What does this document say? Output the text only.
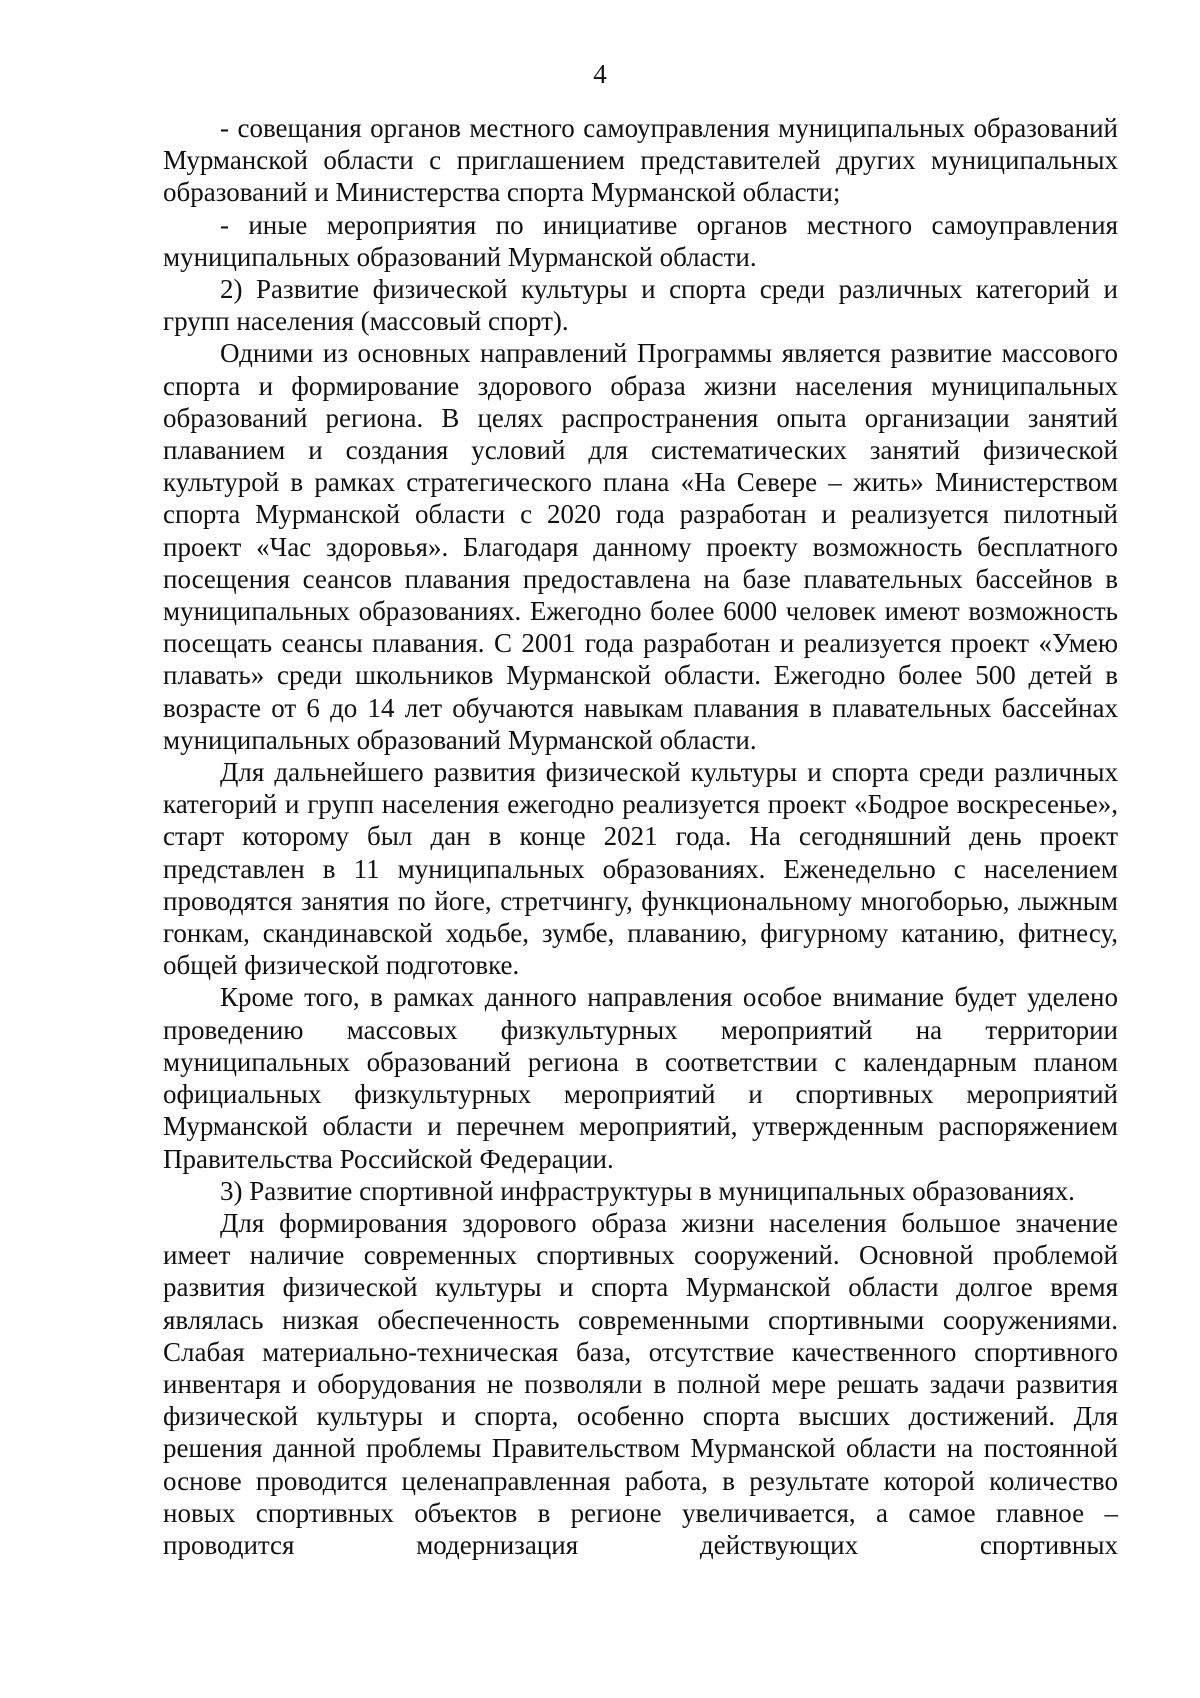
4

- совещания органов местного самоуправления муниципальных образований Мурманской области с приглашением представителей других муниципальных образований и Министерства спорта Мурманской области;

- иные мероприятия по инициативе органов местного самоуправления муниципальных образований Мурманской области.

2) Развитие физической культуры и спорта среди различных категорий и групп населения (массовый спорт).

Одними из основных направлений Программы является развитие массового спорта и формирование здорового образа жизни населения муниципальных образований региона. В целях распространения опыта организации занятий плаванием и создания условий для систематических занятий физической культурой в рамках стратегического плана «На Севере – жить» Министерством спорта Мурманской области с 2020 года разработан и реализуется пилотный проект «Час здоровья». Благодаря данному проекту возможность бесплатного посещения сеансов плавания предоставлена на базе плавательных бассейнов в муниципальных образованиях. Ежегодно более 6000 человек имеют возможность посещать сеансы плавания. С 2001 года разработан и реализуется проект «Умею плавать» среди школьников Мурманской области. Ежегодно более 500 детей в возрасте от 6 до 14 лет обучаются навыкам плавания в плавательных бассейнах муниципальных образований Мурманской области.

Для дальнейшего развития физической культуры и спорта среди различных категорий и групп населения ежегодно реализуется проект «Бодрое воскресенье», старт которому был дан в конце 2021 года. На сегодняшний день проект представлен в 11 муниципальных образованиях. Еженедельно с населением проводятся занятия по йоге, стретчингу, функциональному многоборью, лыжным гонкам, скандинавской ходьбе, зумбе, плаванию, фигурному катанию, фитнесу, общей физической подготовке.

Кроме того, в рамках данного направления особое внимание будет уделено проведению массовых физкультурных мероприятий на территории муниципальных образований региона в соответствии с календарным планом официальных физкультурных мероприятий и спортивных мероприятий Мурманской области и перечнем мероприятий, утвержденным распоряжением Правительства Российской Федерации.

3) Развитие спортивной инфраструктуры в муниципальных образованиях.

Для формирования здорового образа жизни населения большое значение имеет наличие современных спортивных сооружений. Основной проблемой развития физической культуры и спорта Мурманской области долгое время являлась низкая обеспеченность современными спортивными сооружениями. Слабая материально-техническая база, отсутствие качественного спортивного инвентаря и оборудования не позволяли в полной мере решать задачи развития физической культуры и спорта, особенно спорта высших достижений. Для решения данной проблемы Правительством Мурманской области на постоянной основе проводится целенаправленная работа, в результате которой количество новых спортивных объектов в регионе увеличивается, а самое главное – проводится модернизация действующих спортивных
